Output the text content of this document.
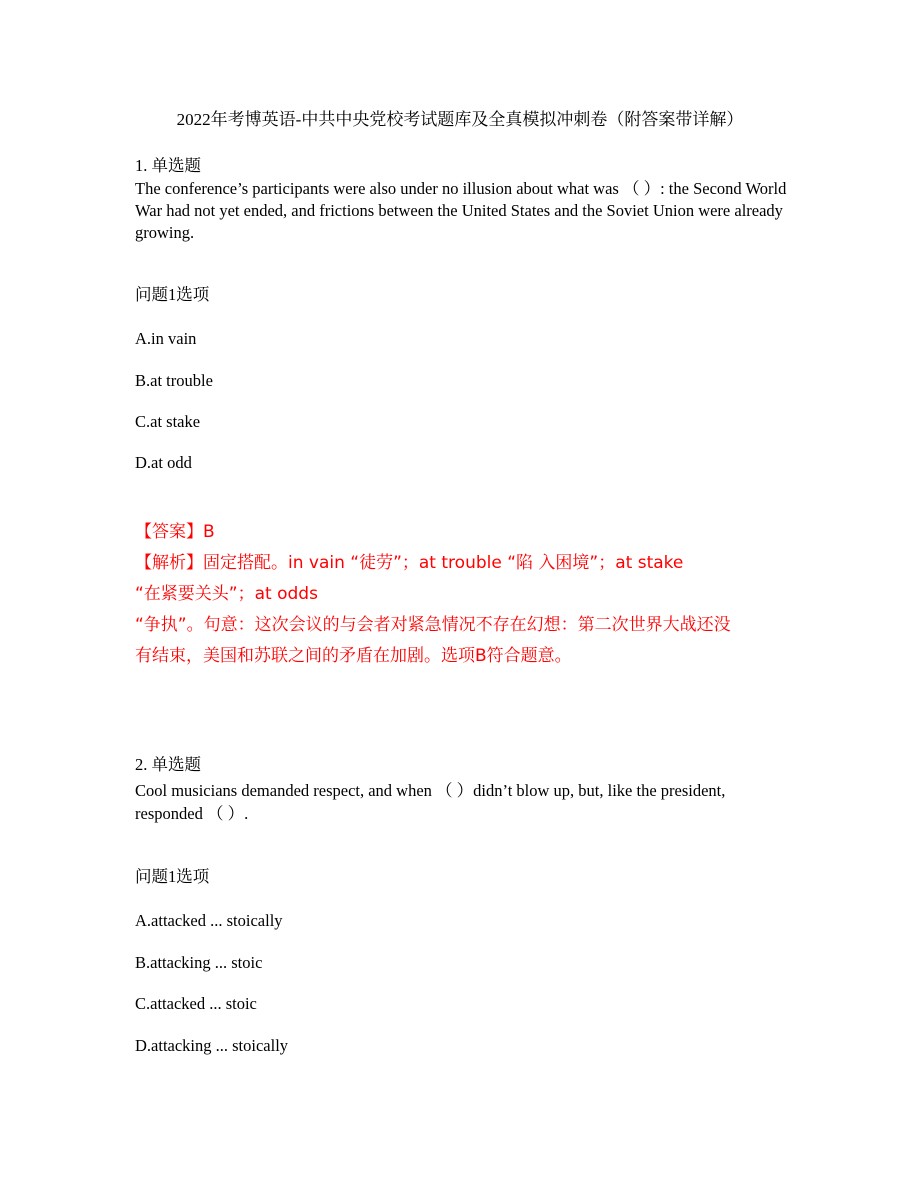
2022年考博英语-中共中央党校考试题库及全真模拟冲刺卷（附答案带详解）
1. 单选题
The conference’s participants were also under no illusion about what was （ ）: the Second World War had not yet ended, and frictions between the United States and the Soviet Union were already growing.
问题1选项
A.in vain
B.at trouble
C.at stake
D.at odd
【答案】B
【解析】固定搭配。in vain “徒劳”；at trouble “陷 入困境”；at stake
“在紧要关头”；at odds
“争执”。句意：这次会议的与会者对紧急情况不存在幻想：第二次世界大战还没
有结束，美国和苏联之间的矛盾在加剧。选项B符合题意。
2. 单选题
Cool musicians demanded respect, and when （ ）didn’t blow up, but, like the president, responded （ ）.
问题1选项
A.attacked ... stoically
B.attacking ... stoic
C.attacked ... stoic
D.attacking ... stoically
